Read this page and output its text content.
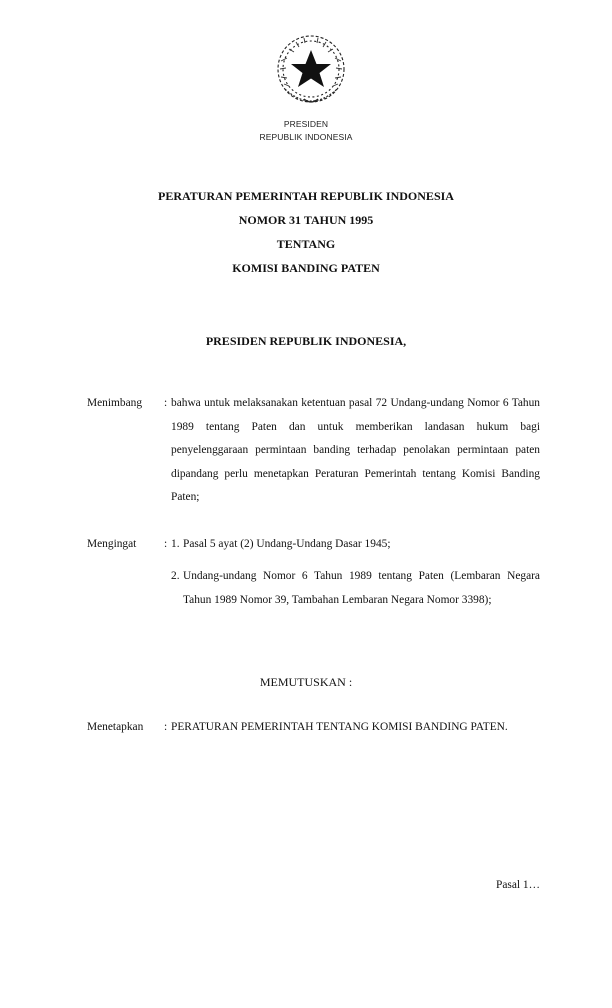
PRESIDEN
REPUBLIK INDONESIA
PERATURAN PEMERINTAH REPUBLIK INDONESIA
NOMOR 31 TAHUN 1995
TENTANG
KOMISI BANDING PATEN
PRESIDEN REPUBLIK INDONESIA,
Menimbang : bahwa untuk melaksanakan ketentuan pasal 72 Undang-undang Nomor 6 Tahun 1989 tentang Paten dan untuk memberikan landasan hukum bagi penyelenggaraan permintaan banding terhadap penolakan permintaan paten dipandang perlu menetapkan Peraturan Pemerintah tentang Komisi Banding Paten;
Mengingat : 1. Pasal 5 ayat (2) Undang-Undang Dasar 1945;
2. Undang-undang Nomor 6 Tahun 1989 tentang Paten (Lembaran Negara Tahun 1989 Nomor 39, Tambahan Lembaran Negara Nomor 3398);
MEMUTUSKAN :
Menetapkan : PERATURAN PEMERINTAH TENTANG KOMISI BANDING PATEN.
Pasal 1…
